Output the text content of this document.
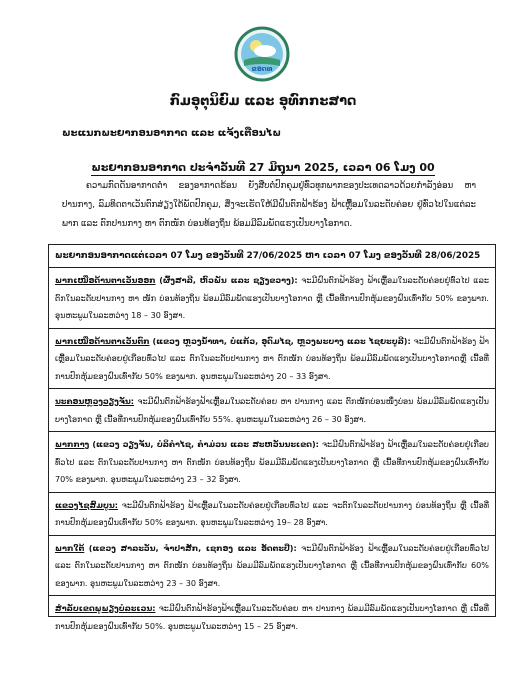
ຂອດທ
ກົມອຸຕຸນິຍົມ ແລະ ອຸທົກກະສາດ
ພະແນກພະຍາກອນອາກາດ ແລະ ແຈ້ງເຕືອນໄພ
ພະຍາກອນອາກາດ ປະຈຳວັນທີ 27 ມິຖຸນາ 2025, ເວລາ 06 ໂມງ 00
ຄວາມກົດດັນອາກາດຕ່ຳ ຂອງອາກາດຮ້ອນ ຍັງສືບຕໍ່ປົກຄຸມຢູ່ທົ່ວທຸກພາກຂອງປະເທດລາວດ້ວຍກຳລັງອ່ອນ ຫາ ປານກາງ, ລົມທິດຕາເວັນຕົກສ່ຽງໃຕ້ພັດປົກຄຸມ, ສິ່ງຈະເຮັດໃຫ້ມີຝົນຕົກຟ້າຮ້ອງ ຟ້າເຫຼື້ອມໃນລະດັບຄ່ອຍ ຢູ່ທົ່ວໄປໃນແຕ່ລະພາກ ແລະ ຕົກປານກາງ ຫາ ຕົກໜັກ ບ່ອນທ້ອງຖິ່ນ ພ້ອມມີລົມພັດແຮງເປັນບາງໂອກາດ.
ພະຍາກອນອາກາດແຕ່ເວລາ 07 ໂມງ ຂອງວັນທີ 27/06/2025 ຫາ ເວລາ 07 ໂມງ ຂອງວັນທີ 28/06/2025
ພາກເໜືອດ້ານຕາເວັນອອກ (ຜົ້ງສາລີ, ຫົວພັນ ແລະ ຊຽງຂວາງ): ຈະມີຝົນຕົກຟ້າຮ້ອງ ຟ້າເຫຼື້ອມໃນລະດັບຄ່ອຍຢູ່ທົ່ວໄປ ແລະ ຕົກໃນລະດັບປານກາງ ຫາ ໜັກ ບ່ອນທ້ອງຖິ່ນ ພ້ອມມີລົມພັດແຮງເປັນບາງໂອກາດ ຫຼື ເນື້ອທີ່ການປົກຫຸ້ມຂອງຝົນເທົ່າກັບ 50% ຂອງພາກ. ອຸນຫະພູມໃນລະຫວ່າງ 18 – 30 ອົງສາ.
ພາກເໜືອດ້ານຕາເວັນຕົກ (ແຂວງ ຫຼວງນ້ຳທາ, ບໍ່ແກ້ວ, ອຸດົມໄຊ, ຫຼວງພະບາງ ແລະ ໄຊຍະບູລີ): ຈະມີຝົນຕົກຟ້າຮ້ອງ ຟ້າເຫຼື້ອມໃນລະດັບຄ່ອຍຢູ່ເກືອບທົ່ວໄປ ແລະ ຕົກໃນລະດັບປານກາງ ຫາ ຕົກໜັກ ບ່ອນທ້ອງຖິ່ນ ພ້ອມມີລົມພັດແຮງເປັນບາງໂອກາດຫຼື ເນື້ອທີ່ການປົກຫຸ້ມຂອງຝົນເທົ່າກັບ 50% ຂອງພາກ. ອຸນຫະພູມໃນລະຫວ່າງ 20 – 33 ອົງສາ.
ນະຄອນຫຼວງວຽງຈັນ: ຈະມີຝົນຕົກຟ້າຮ້ອງຟ້າເຫຼື້ອມໃນລະດັບຄ່ອຍ ຫາ ປານກາງ ແລະ ຕົກໜັກບ່ອນໜຶ່ງບ່ອນ ພ້ອມມີລົມພັດແຮງເປັນບາງໂອກາດ ຫຼື ເນື້ອທີ່ການປົກຫຸ້ມຂອງຝົນເທົ່າກັບ 55%. ອຸນຫະພູມໃນລະຫວ່າງ 26 – 30 ອົງສາ.
ພາກກາງ (ແຂວງ ວຽງຈັນ, ບໍລິຄຳໄຊ, ຄຳມ່ວນ ແລະ ສະຫວັນນະເຂດ): ຈະມີຝົນຕົກຟ້າຮ້ອງ ຟ້າເຫຼື້ອມໃນລະດັບຄ່ອຍຢູ່ເກືອບທົ່ວໄປ ແລະ ຕົກໃນລະດັບປານກາງ ຫາ ຕົກໜັກ ບ່ອນທ້ອງຖິ່ນ ພ້ອມມີລົມພັດແຮງເປັນບາງໂອກາດ ຫຼື ເນື້ອທີ່ການປົກຫຸ້ມຂອງຝົນເທົ່າກັບ 70% ຂອງພາກ. ອຸນຫະພູມໃນລະຫວ່າງ 23 – 32 ອົງສາ.
ແຂວງໄຊສົມບູນ: ຈະມີຝົນຕົກຟ້າຮ້ອງ ຟ້າເຫຼື້ອມໃນລະດັບຄ່ອຍຢູ່ເກືອບທົ່ວໄປ ແລະ ຈະຕົກໃນລະດັບປານກາງ ບ່ອນທ້ອງຖິ່ນ ຫຼື ເນື້ອທີ່ການປົກຫຸ້ມຂອງຝົນເທົ່າກັບ 50% ຂອງພາກ. ອຸນຫະພູມໃນລະຫວ່າງ 19– 28 ອົງສາ.
ພາກໃຕ້ (ແຂວງ ສາລະວັນ, ຈຳປາສັກ, ເຊກອງ ແລະ ອັດຕະປື): ຈະມີຝົນຕົກຟ້າຮ້ອງ ຟ້າເຫຼື້ອມໃນລະດັບຄ່ອຍຢູ່ເກືອບທົ່ວໄປ ແລະ ຕົກໃນລະດັບປານກາງ ຫາ ຕົກໜັກ ບ່ອນທ້ອງຖິ່ນ ພ້ອມມີລົມພັດແຮງເປັນບາງໂອກາດ ຫຼື ເນື້ອທີ່ການປົກຫຸ້ມຂອງຝົນເທົ່າກັບ 60% ຂອງພາກ. ອຸນຫະພູມໃນລະຫວ່າງ 23 – 30 ອົງສາ.
ສຳລັບເຂດພູພຽງບໍລະເວນ: ຈະມີຝົນຕົກຟ້າຮ້ອງຟ້າເຫຼື້ອມໃນລະດັບຄ່ອຍ ຫາ ປານກາງ ພ້ອມມີລົມພັດແຮງເປັນບາງໂອກາດ ຫຼື ເນື້ອທີ່ການປົກຫຸ້ມຂອງຝົນເທົ່າກັບ 50%. ອຸນຫະພູມໃນລະຫວ່າງ 15 – 25 ອົງສາ.
